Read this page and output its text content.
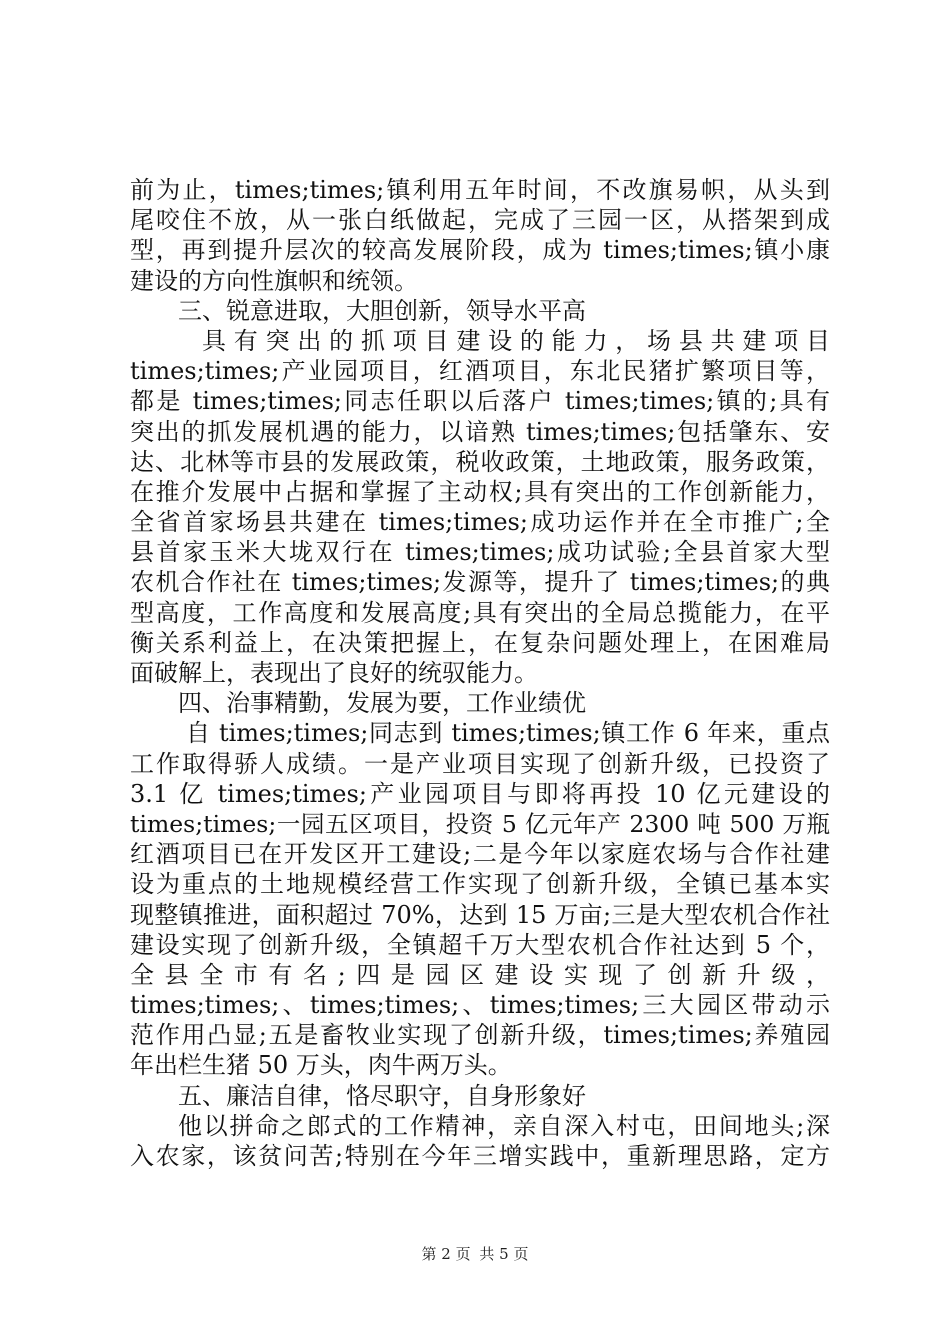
前为止，times;times;镇利用五年时间，不改旗易帜，从头到
尾咬住不放，从一张白纸做起，完成了三园一区，从搭架到成
型，再到提升层次的较高发展阶段，成为 times;times;镇小康
建设的方向性旗帜和统领。
三、锐意进取，大胆创新，领导水平高
具有突出的抓项目建设的能力，场县共建项目
times;times;产业园项目，红酒项目，东北民猪扩繁项目等，
都是 times;times;同志任职以后落户 times;times;镇的;具有
突出的抓发展机遇的能力，以谙熟 times;times;包括肇东、安
达、北林等市县的发展政策，税收政策，土地政策，服务政策，
在推介发展中占据和掌握了主动权;具有突出的工作创新能力，
全省首家场县共建在 times;times;成功运作并在全市推广;全
县首家玉米大垅双行在 times;times;成功试验;全县首家大型
农机合作社在 times;times;发源等，提升了 times;times;的典
型高度，工作高度和发展高度;具有突出的全局总揽能力，在平
衡关系利益上，在决策把握上，在复杂问题处理上，在困难局
面破解上，表现出了良好的统驭能力。
四、治事精勤，发展为要，工作业绩优
自 times;times;同志到 times;times;镇工作 6 年来，重点
工作取得骄人成绩。一是产业项目实现了创新升级，已投资了
3.1 亿 times;times;产业园项目与即将再投 10 亿元建设的
times;times;一园五区项目，投资 5 亿元年产 2300 吨 500 万瓶
红酒项目已在开发区开工建设;二是今年以家庭农场与合作社建
设为重点的土地规模经营工作实现了创新升级，全镇已基本实
现整镇推进，面积超过 70%，达到 15 万亩;三是大型农机合作社
建设实现了创新升级，全镇超千万大型农机合作社达到 5 个，
全县全市有名;四是园区建设实现了创新升级，
times;times;、times;times;、times;times;三大园区带动示
范作用凸显;五是畜牧业实现了创新升级，times;times;养殖园
年出栏生猪 50 万头，肉牛两万头。
五、廉洁自律，恪尽职守，自身形象好
他以拼命之郎式的工作精神，亲自深入村屯，田间地头;深
入农家，该贫问苦;特别在今年三增实践中，重新理思路，定方
第 2 页 共 5 页
